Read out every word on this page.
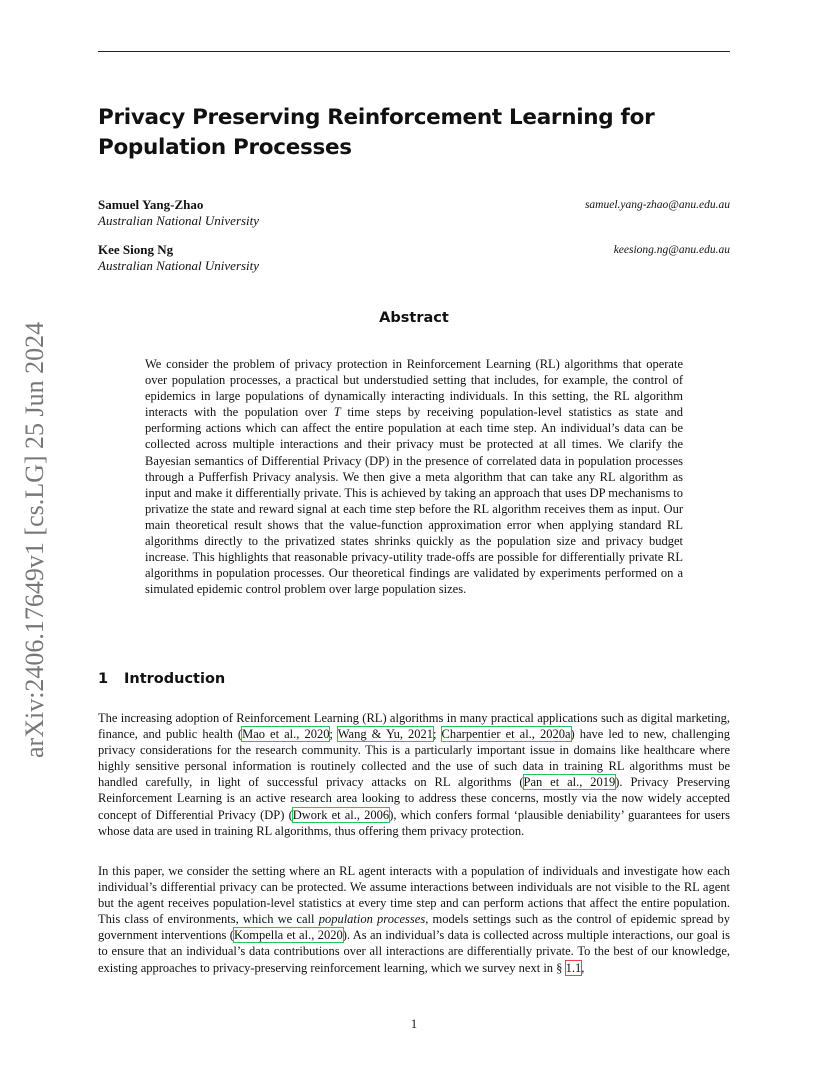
arXiv:2406.17649v1 [cs.LG] 25 Jun 2024
Privacy Preserving Reinforcement Learning for Population Processes
Samuel Yang-Zhao
Australian National University
samuel.yang-zhao@anu.edu.au
Kee Siong Ng
Australian National University
keesiong.ng@anu.edu.au
Abstract

We consider the problem of privacy protection in Reinforcement Learning (RL) algorithms that operate over population processes, a practical but understudied setting that includes, for example, the control of epidemics in large populations of dynamically interacting individuals. In this setting, the RL algorithm interacts with the population over T time steps by receiving population-level statistics as state and performing actions which can affect the entire population at each time step. An individual’s data can be collected across multiple interactions and their privacy must be protected at all times. We clarify the Bayesian semantics of Differential Privacy (DP) in the presence of correlated data in population processes through a Pufferfish Privacy analysis. We then give a meta algorithm that can take any RL algorithm as input and make it differentially private. This is achieved by taking an approach that uses DP mechanisms to privatize the state and reward signal at each time step before the RL algorithm receives them as input. Our main theoretical result shows that the value-function approximation error when applying standard RL algorithms directly to the privatized states shrinks quickly as the population size and privacy budget increase. This highlights that reasonable privacy-utility trade-offs are possible for differentially private RL algorithms in population processes. Our theoretical findings are validated by experiments performed on a simulated epidemic control problem over large population sizes.

1 Introduction

The increasing adoption of Reinforcement Learning (RL) algorithms in many practical applications such as digital marketing, finance, and public health (Mao et al., 2020; Wang & Yu, 2021; Charpentier et al., 2020a) have led to new, challenging privacy considerations for the research community. This is a particularly important issue in domains like healthcare where highly sensitive personal information is routinely collected and the use of such data in training RL algorithms must be handled carefully, in light of successful privacy attacks on RL algorithms (Pan et al., 2019). Privacy Preserving Reinforcement Learning is an active research area looking to address these concerns, mostly via the now widely accepted concept of Differential Privacy (DP) (Dwork et al., 2006), which confers formal ‘plausible deniability’ guarantees for users whose data are used in training RL algorithms, thus offering them privacy protection.

In this paper, we consider the setting where an RL agent interacts with a population of individuals and investigate how each individual’s differential privacy can be protected. We assume interactions between individuals are not visible to the RL agent but the agent receives population-level statistics at every time step and can perform actions that affect the entire population. This class of environments, which we call population processes, models settings such as the control of epidemic spread by government interventions (Kompella et al., 2020). As an individual’s data is collected across multiple interactions, our goal is to ensure that an individual’s data contributions over all interactions are differentially private. To the best of our knowledge, existing approaches to privacy-preserving reinforcement learning, which we survey next in § 1.1,

1
